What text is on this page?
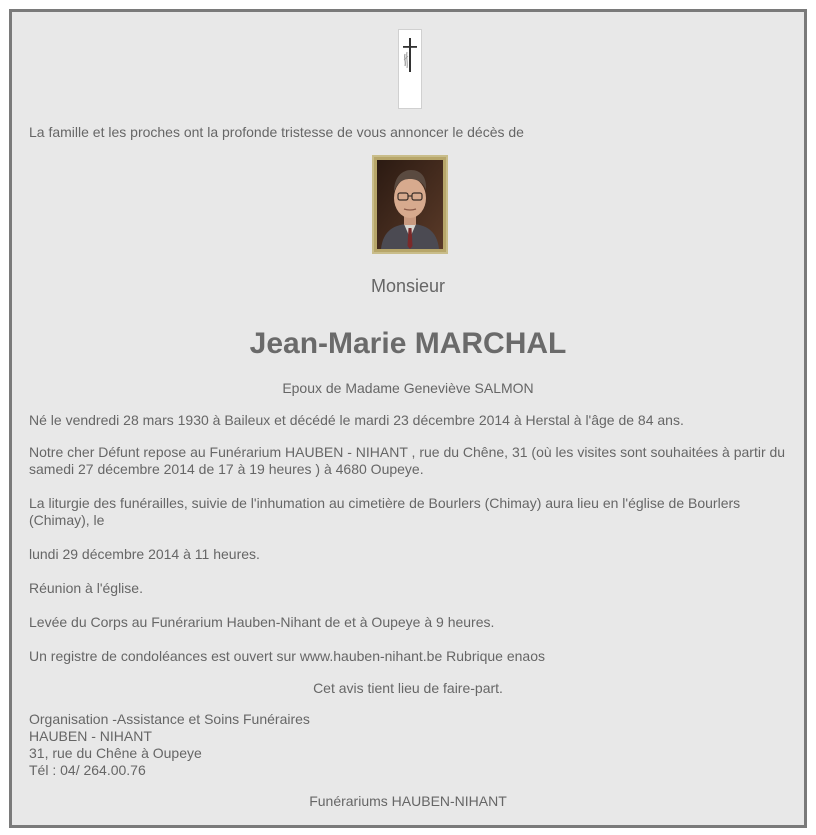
La famille et les proches ont la profonde tristesse de vous annoncer le décès de
Monsieur
Jean-Marie MARCHAL
Epoux de Madame Geneviève SALMON
Né le vendredi 28 mars 1930 à Baileux et décédé le mardi 23 décembre 2014 à Herstal à l'âge de 84 ans.
Notre cher Défunt repose au Funérarium HAUBEN - NIHANT , rue du Chêne, 31 (où les visites sont souhaitées à partir du samedi 27 décembre 2014 de 17 à 19 heures ) à 4680 Oupeye.
La liturgie des funérailles, suivie de l'inhumation au cimetière de Bourlers (Chimay) aura lieu en l'église de Bourlers (Chimay), le
lundi 29 décembre 2014 à 11 heures.
Réunion à l'église.
Levée du Corps au Funérarium Hauben-Nihant de et à Oupeye à 9 heures.
Un registre de condoléances est ouvert sur www.hauben-nihant.be Rubrique enaos
Cet avis tient lieu de faire-part.
Organisation -Assistance et Soins Funéraires
HAUBEN - NIHANT
31, rue du Chêne à Oupeye
Tél : 04/ 264.00.76
Funérariums HAUBEN-NIHANT
